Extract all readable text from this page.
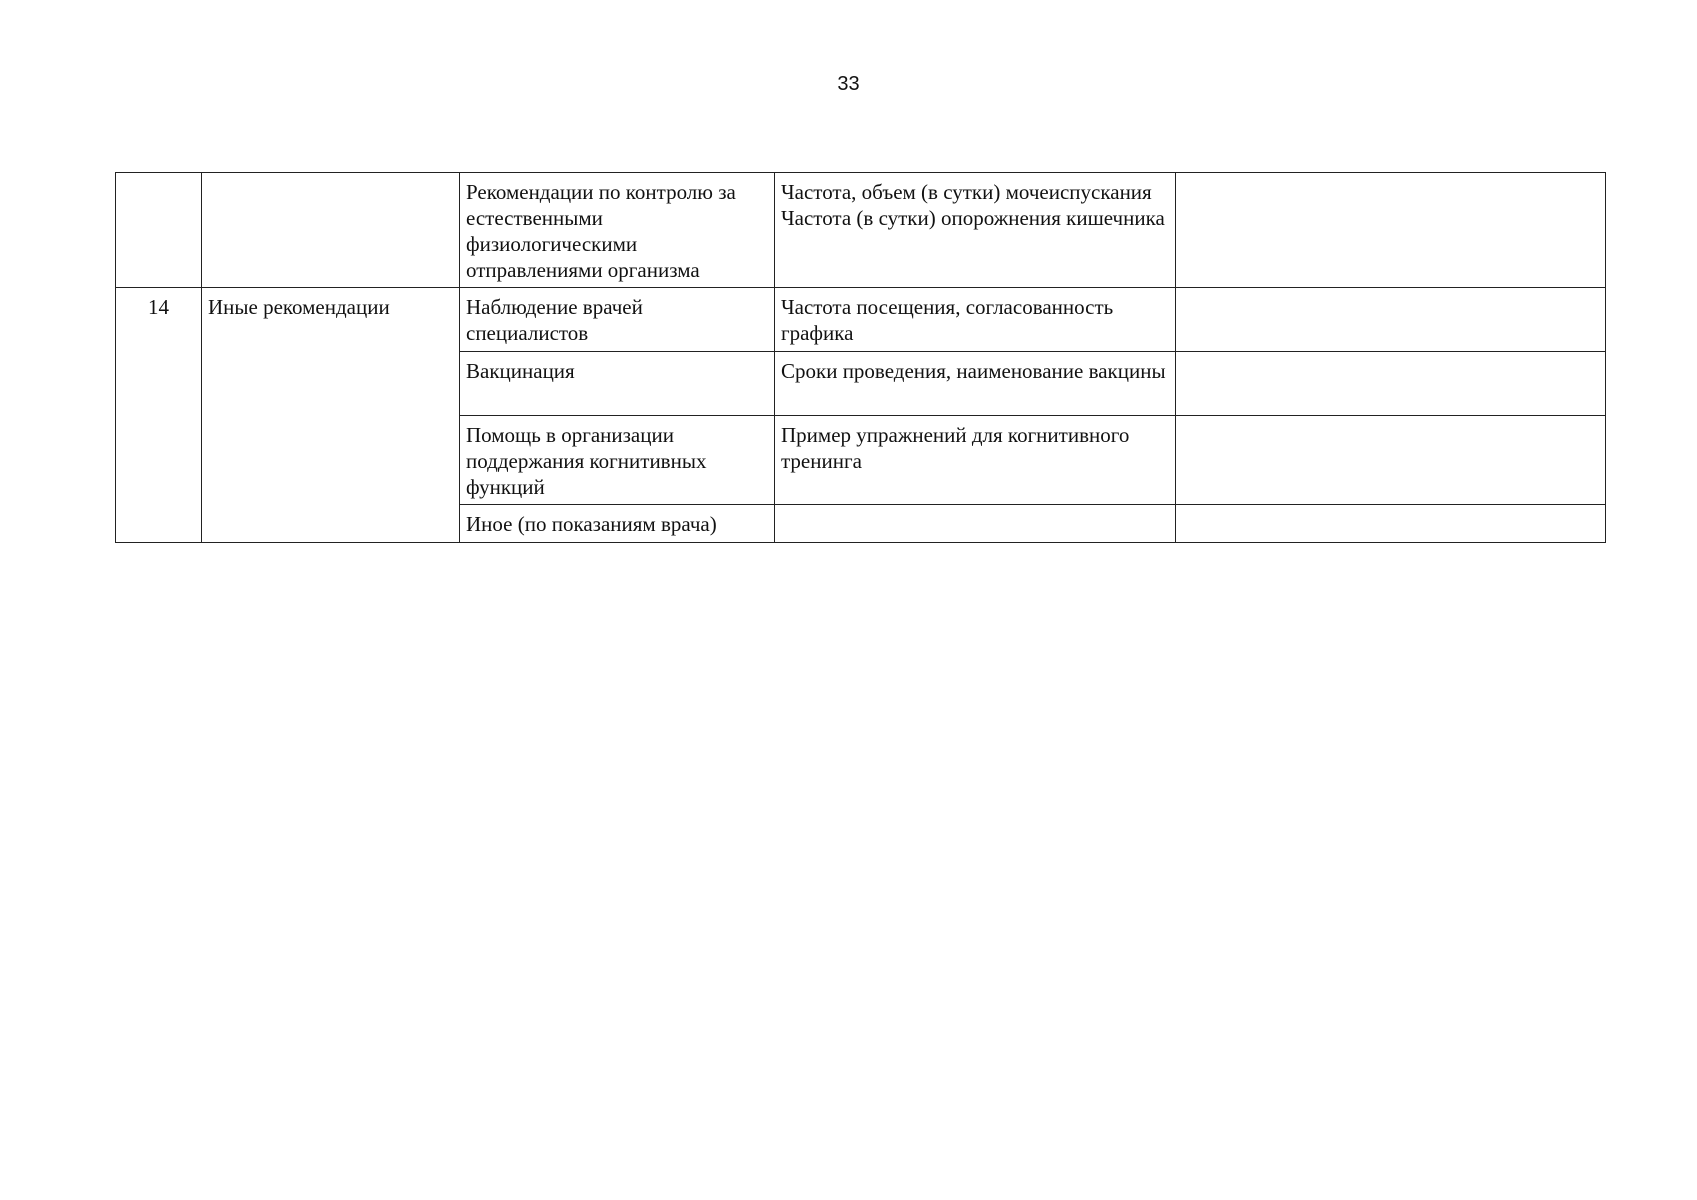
33
		Рекомендации по контролю за естественными физиологическими отправлениями организма	Частота, объем (в сутки) мочеиспускания
Частота (в сутки) опорожнения кишечника	

14	Иные рекомендации	Наблюдение врачей специалистов	Частота посещения, согласованность графика	

		Вакцинация	Сроки проведения, наименование вакцины	

		Помощь в организации поддержания когнитивных функций	Пример упражнений для когнитивного тренинга	

		Иное (по показаниям врача)		
